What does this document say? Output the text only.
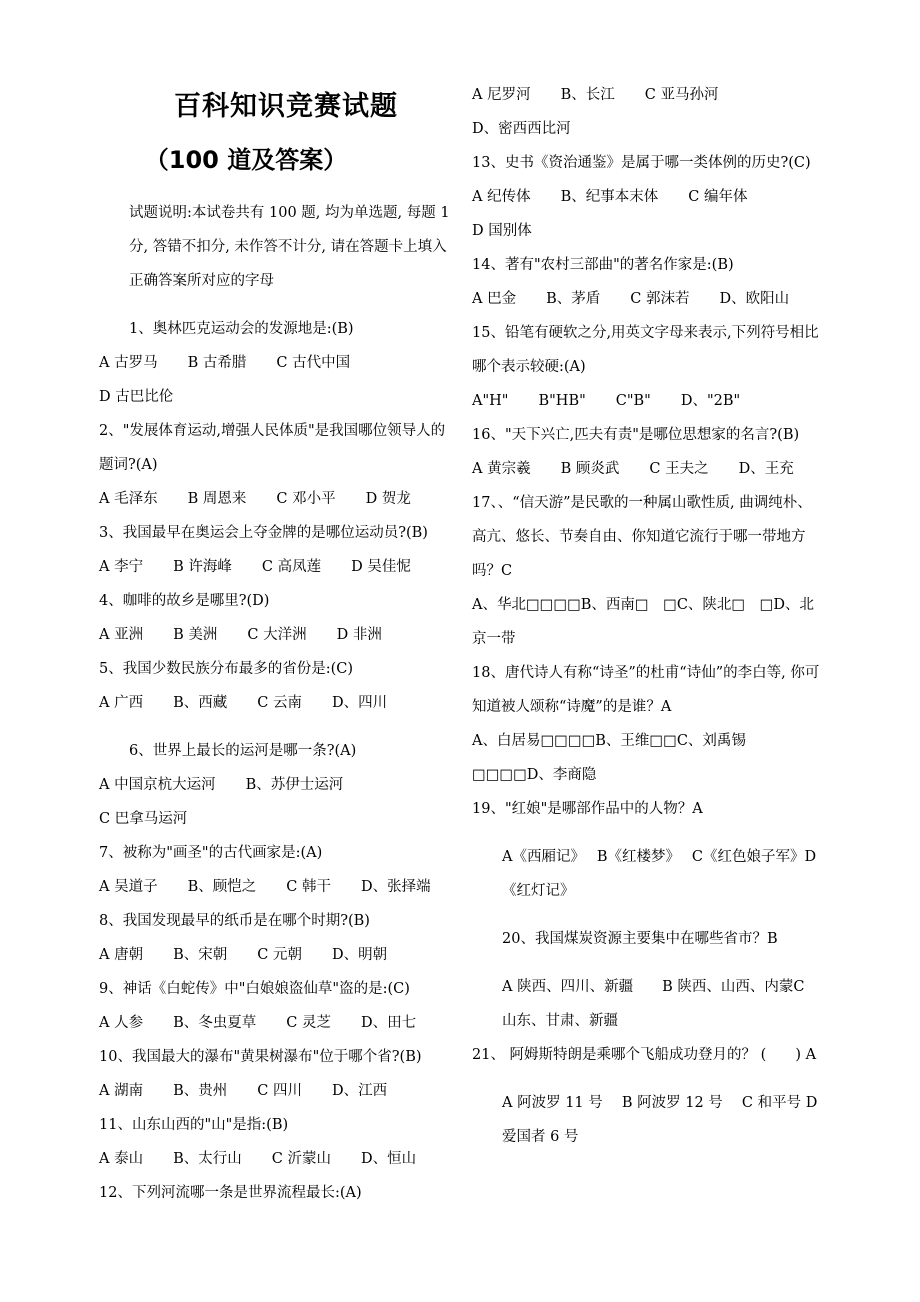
百科知识竞赛试题
（100 道及答案）

试题说明:本试卷共有 100 题, 均为单选题, 每题 1 分, 答错不扣分, 未作答不计分, 请在答题卡上填入正确答案所对应的字母

1、奥林匹克运动会的发源地是:(B)

A 古罗马 B 古希腊 C 古代中国D 古巴比伦

2、"发展体育运动,增强人民体质"是我国哪位领导人的题词?(A)

A 毛泽东 B 周恩来 C 邓小平 D 贺龙

3、我国最早在奥运会上夺金牌的是哪位运动员?(B)

A 李宁 B 许海峰 C 高凤莲 D 吴佳怩

4、咖啡的故乡是哪里?(D)

A 亚洲 B 美洲 C 大洋洲 D 非洲

5、我国少数民族分布最多的省份是:(C)

A 广西 B、西藏 C 云南 D、四川

6、世界上最长的运河是哪一条?(A)

A 中国京杭大运河 B、苏伊士运河C 巴拿马运河

7、被称为"画圣"的古代画家是:(A)

A 吴道子 B、顾恺之 C 韩干 D、张择端

8、我国发现最早的纸币是在哪个时期?(B)

A 唐朝 B、宋朝 C 元朝 D、明朝

9、神话《白蛇传》中"白娘娘盗仙草"盗的是:(C)

A 人参 B、冬虫夏草 C 灵芝 D、田七

10、我国最大的瀑布"黄果树瀑布"位于哪个省?(B)

A 湖南 B、贵州 C 四川 D、江西

11、山东山西的"山"是指:(B)

A 泰山 B、太行山 C 沂蒙山 D、恒山

12、下列河流哪一条是世界流程最长:(A)

A 尼罗河 B、长江 C 亚马孙河D、密西西比河

13、史书《资治通鉴》是属于哪一类体例的历史?(C)

A 纪传体 B、纪事本末体 C 编年体D 国别体

14、著有"农村三部曲"的著名作家是:(B)

A 巴金 B、茅盾 C 郭沫若 D、欧阳山

15、铅笔有硬软之分,用英文字母来表示,下列符号相比哪个表示较硬:(A)

A"H" B"HB" C"B" D、"2B"

16、"天下兴亡,匹夫有责"是哪位思想家的名言?(B)

A 黄宗羲 B 顾炎武 C 王夫之 D、王充

17、、“信天游”是民歌的一种属山歌性质, 曲调纯朴、高亢、悠长、节奏自由、你知道它流行于哪一带地方吗？C

A、华北□□□□B、西南□　□C、陕北□　□D、北京一带

18、唐代诗人有称“诗圣”的杜甫“诗仙”的李白等, 你可知道被人颂称“诗魔”的是谁？A

A、白居易□□□□B、王维□□C、刘禹锡□□□□D、李商隐

19、"红娘"是哪部作品中的人物？A

A《西厢记》　 B《红楼梦》　 C《红色娘子军》D《红灯记》

20、我国煤炭资源主要集中在哪些省市？B

A 陕西、四川、新疆　　B 陕西、山西、内蒙C 山东、甘肃、新疆

21、 阿姆斯特朗是乘哪个飞船成功登月的？ (　　) A

A 阿波罗 11 号　 B 阿波罗 12 号　 C 和平号 D 爱国者 6 号
